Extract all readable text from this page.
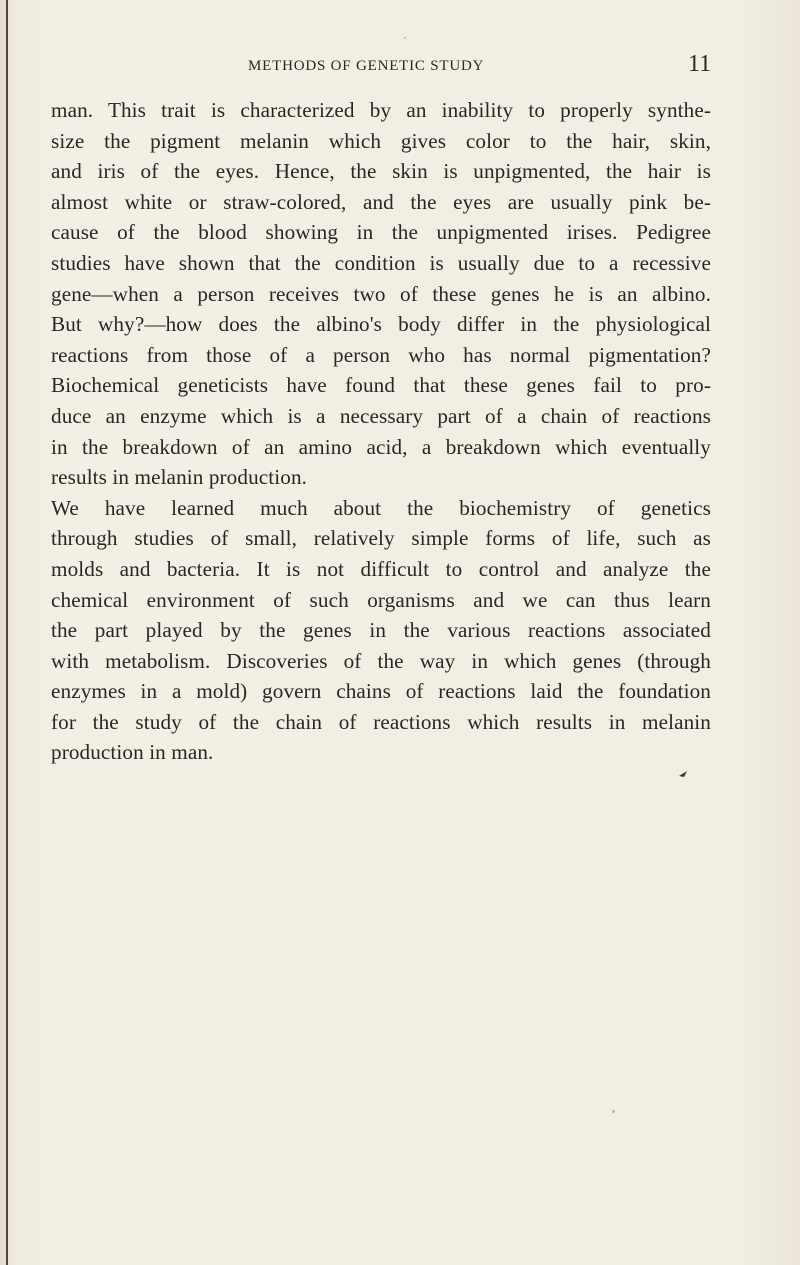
METHODS OF GENETIC STUDY	11
man. This trait is characterized by an inability to properly synthe-
size the pigment melanin which gives color to the hair, skin,
and iris of the eyes. Hence, the skin is unpigmented, the hair is
almost white or straw-colored, and the eyes are usually pink be-
cause of the blood showing in the unpigmented irises. Pedigree
studies have shown that the condition is usually due to a recessive
gene—when a person receives two of these genes he is an albino.
But why?—how does the albino's body differ in the physiological
reactions from those of a person who has normal pigmentation?
Biochemical geneticists have found that these genes fail to pro-
duce an enzyme which is a necessary part of a chain of reactions
in the breakdown of an amino acid, a breakdown which eventually
results in melanin production.
We have learned much about the biochemistry of genetics
through studies of small, relatively simple forms of life, such as
molds and bacteria. It is not difficult to control and analyze the
chemical environment of such organisms and we can thus learn
the part played by the genes in the various reactions associated
with metabolism. Discoveries of the way in which genes (through
enzymes in a mold) govern chains of reactions laid the foundation
for the study of the chain of reactions which results in melanin
production in man.
